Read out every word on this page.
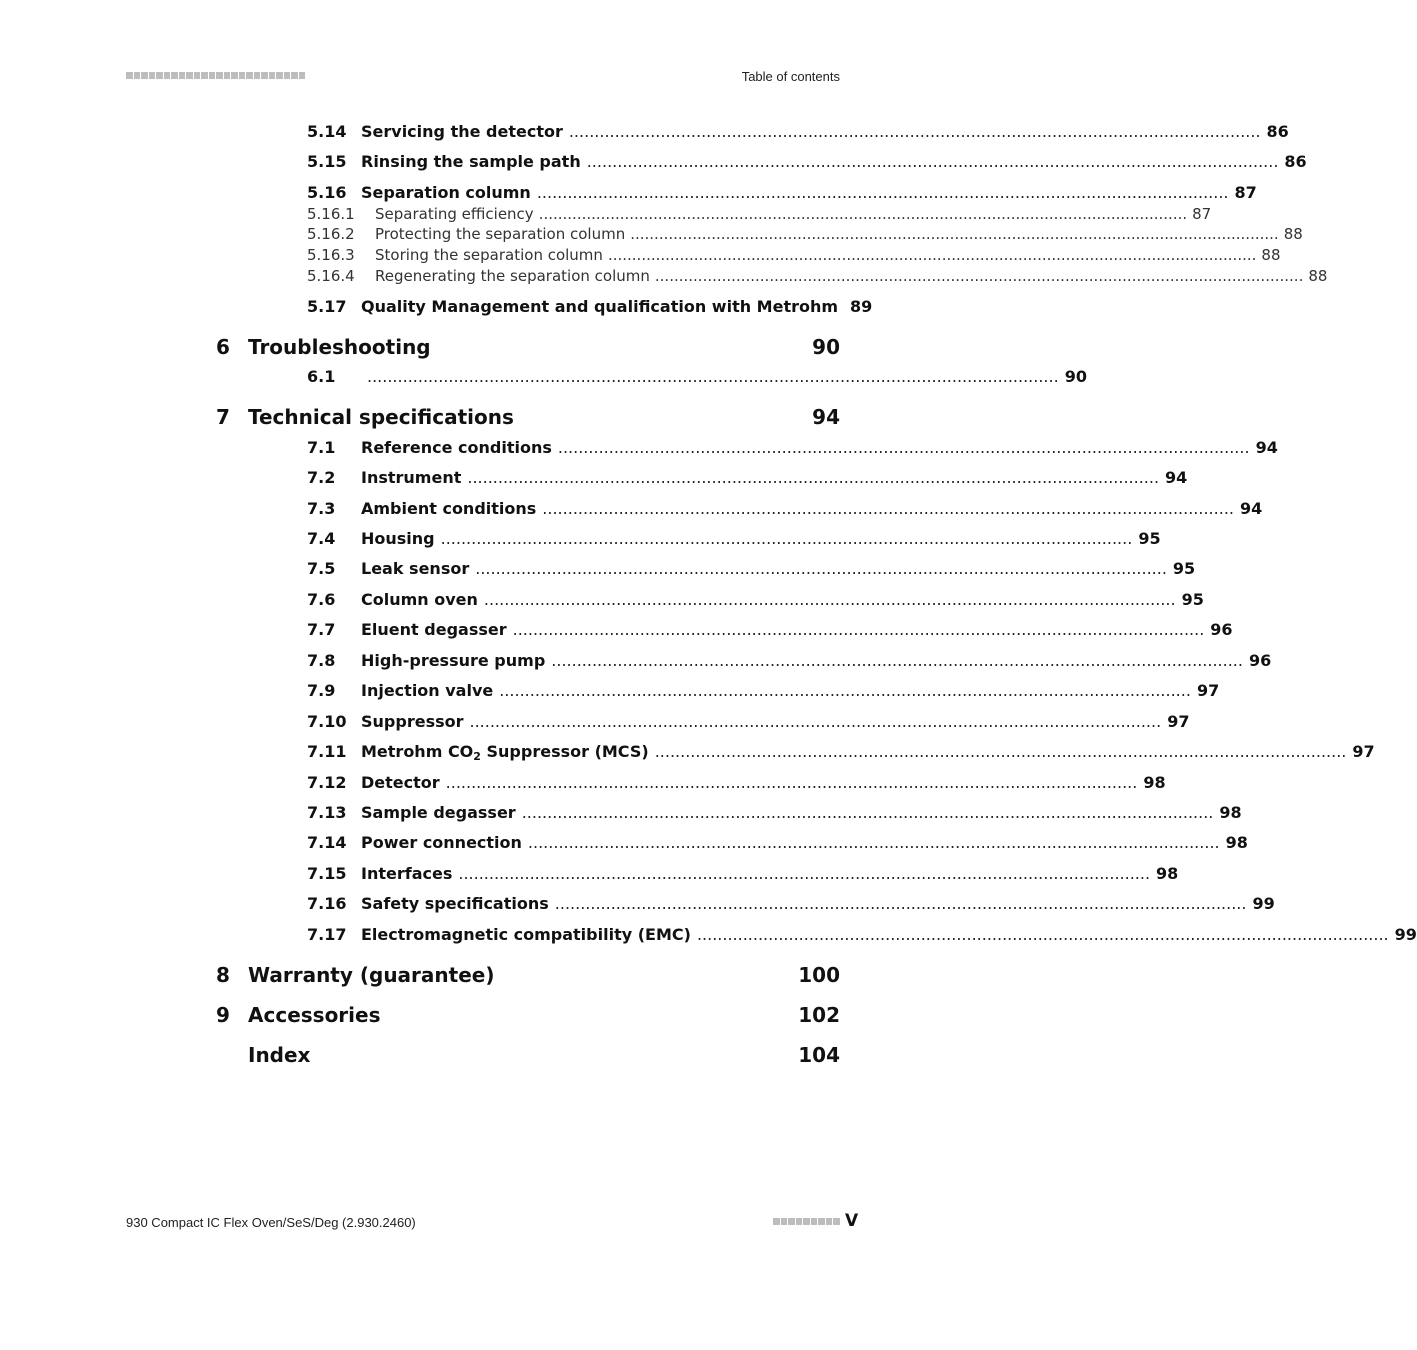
Table of contents
5.14 Servicing the detector ........................................................................................................................................ 86
5.15 Rinsing the sample path ........................................................................................................................................ 86
5.16 Separation column ........................................................................................................................................ 87
5.16.1 Separating efficiency ........................................................................................................................................ 87
5.16.2 Protecting the separation column ........................................................................................................................................ 88
5.16.3 Storing the separation column ........................................................................................................................................ 88
5.16.4 Regenerating the separation column ........................................................................................................................................ 88
5.17 Quality Management and qualification with Metrohm 89
6 Troubleshooting	90
6.1 ........................................................................................................................................ 90
7 Technical specifications	94
7.1 Reference conditions ........................................................................................................................................ 94
7.2 Instrument ........................................................................................................................................ 94
7.3 Ambient conditions ........................................................................................................................................ 94
7.4 Housing ........................................................................................................................................ 95
7.5 Leak sensor ........................................................................................................................................ 95
7.6 Column oven ........................................................................................................................................ 95
7.7 Eluent degasser ........................................................................................................................................ 96
7.8 High-pressure pump ........................................................................................................................................ 96
7.9 Injection valve ........................................................................................................................................ 97
7.10 Suppressor ........................................................................................................................................ 97
7.11 Metrohm $CO_2$ Suppressor (MCS) ........................................................................................................................................ 97
7.12 Detector ........................................................................................................................................ 98
7.13 Sample degasser ........................................................................................................................................ 98
7.14 Power connection ........................................................................................................................................ 98
7.15 Interfaces ........................................................................................................................................ 98
7.16 Safety specifications ........................................................................................................................................ 99
7.17 Electromagnetic compatibility (EMC) ........................................................................................................................................ 99
8 Warranty (guarantee)	100
9 Accessories	102
Index	104
930 Compact IC Flex Oven/SeS/Deg (2.930.2460)	V
